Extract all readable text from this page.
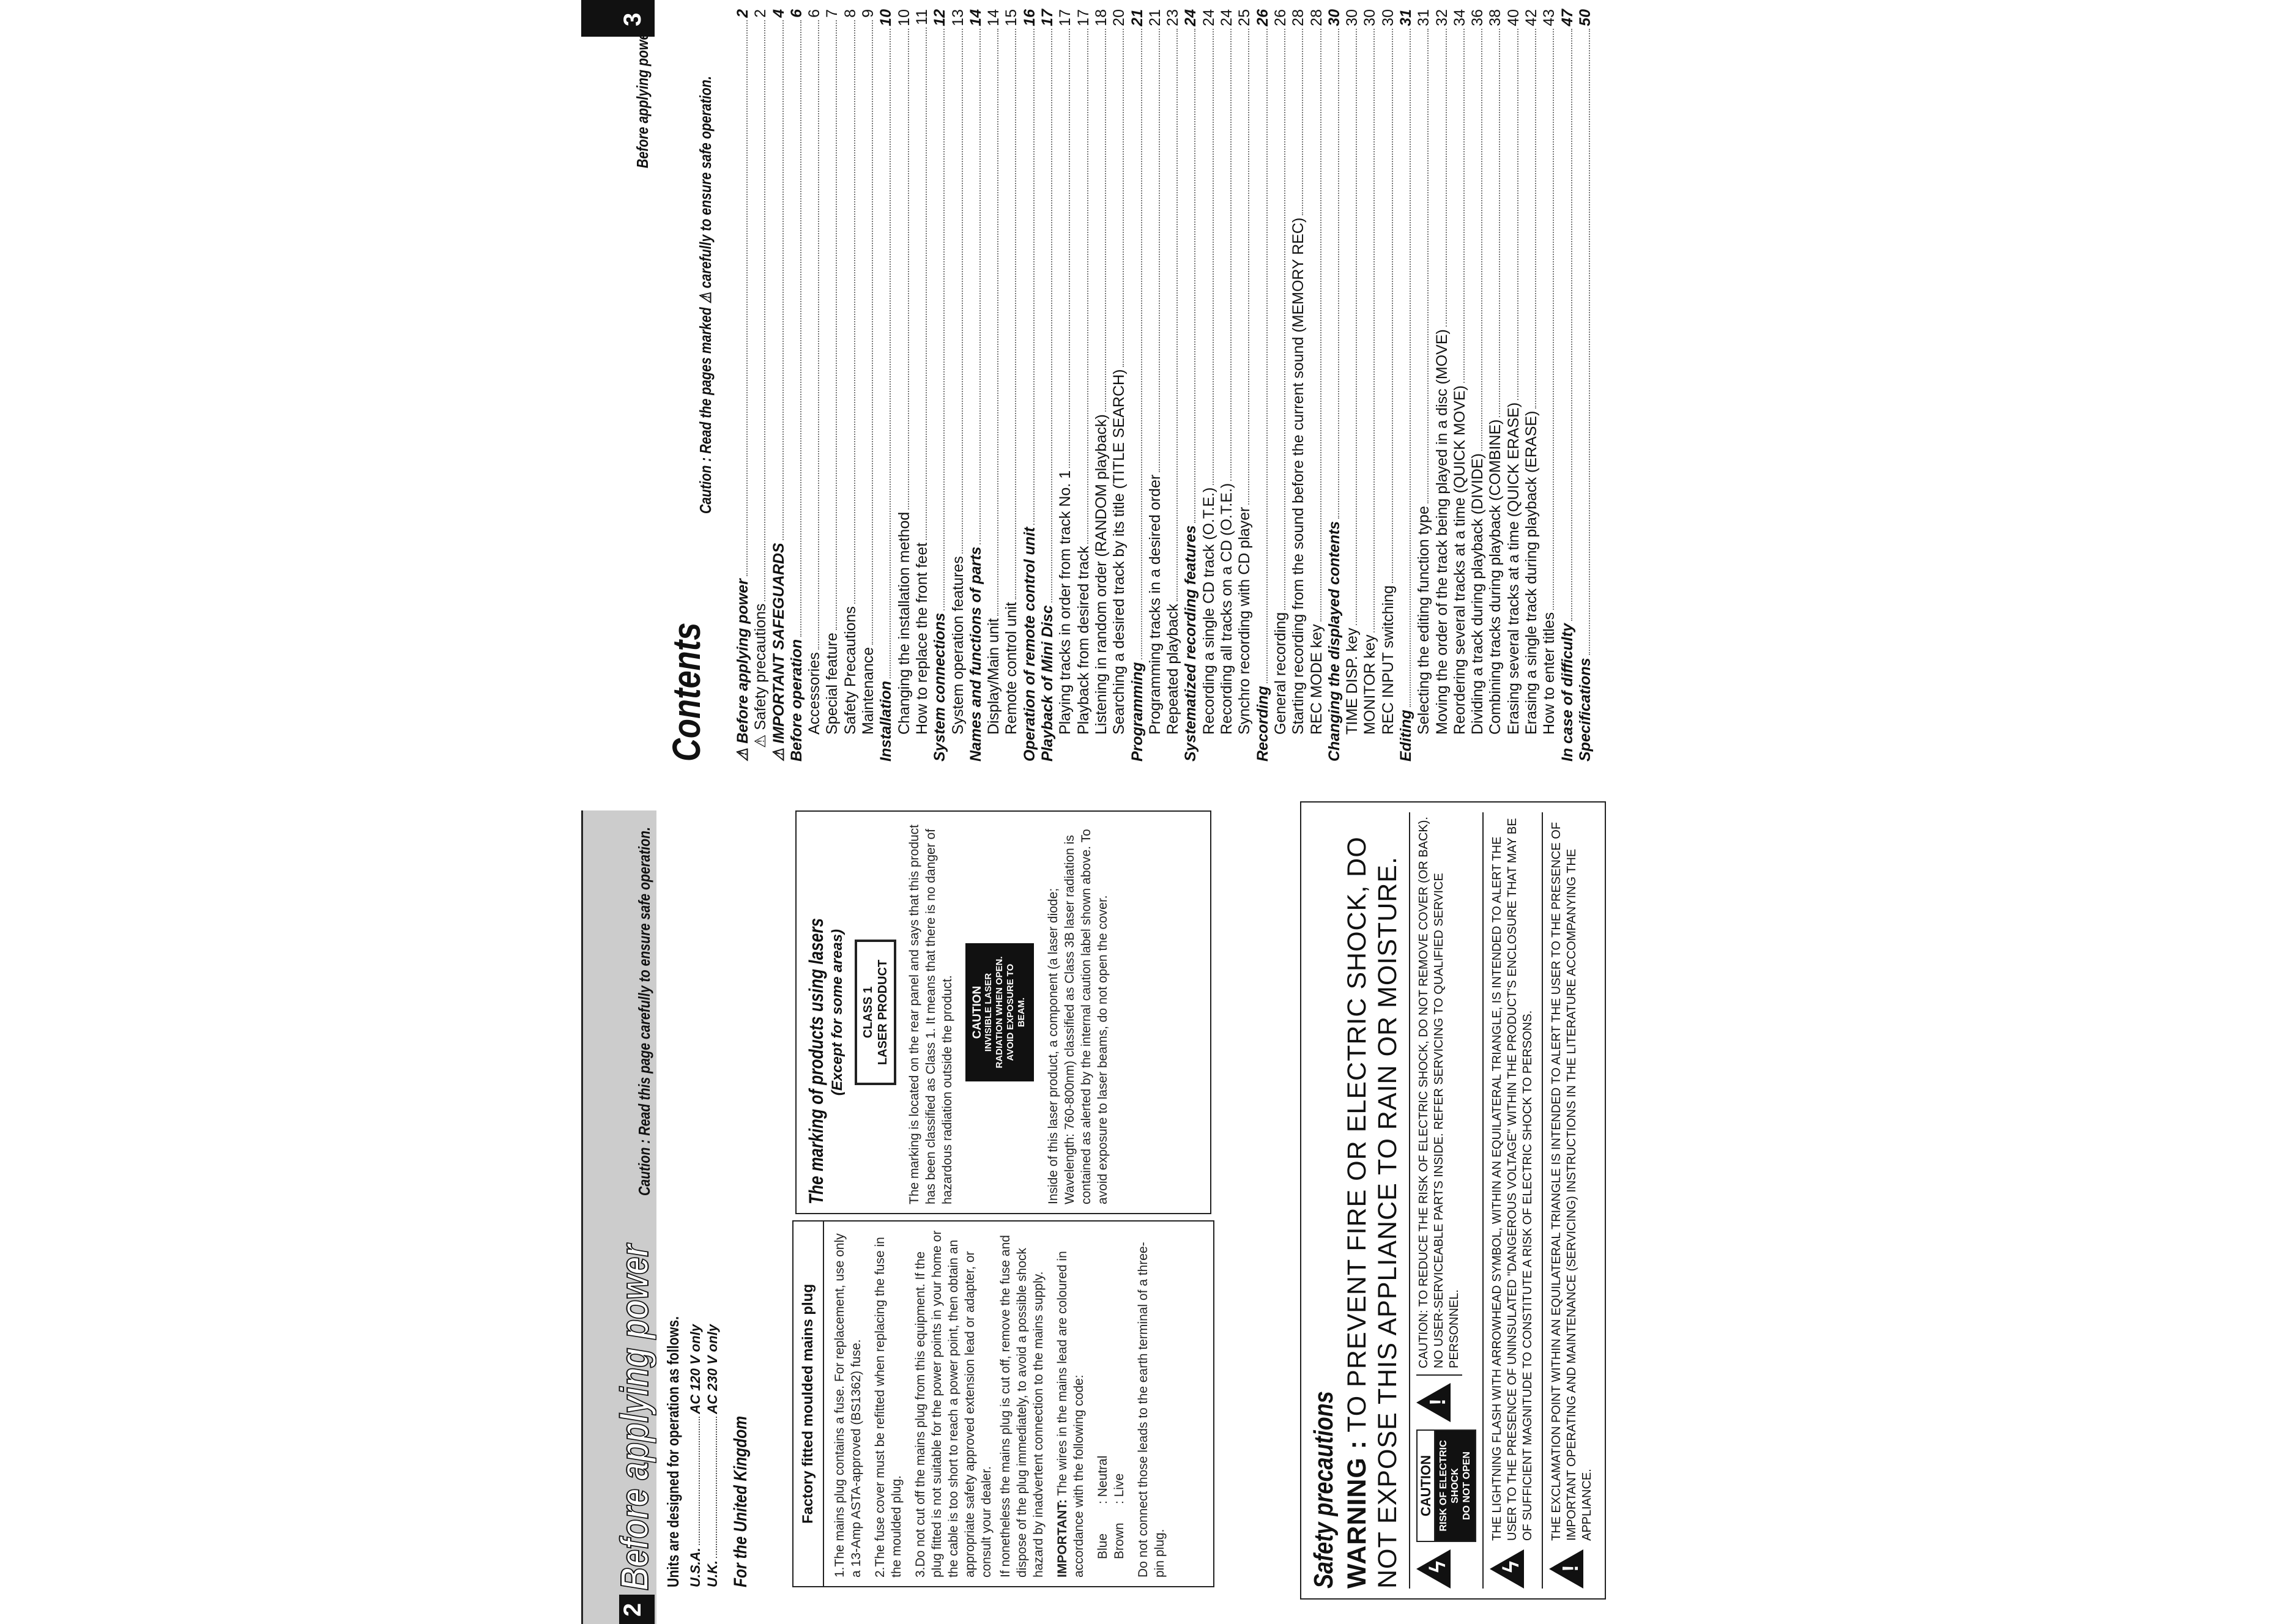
2
Before applying power
Caution : Read this page carefully to ensure safe operation.
Units are designed for operation as follows. U.S.A.
AC 120 V only
U.K.
AC 230 V only
For the United Kingdom	Factory fitted moulded mains plug	1.The mains plug contains a fuse. For replacement, use only a 13-Amp ASTA-approved (BS1362) fuse. 2.The fuse cover must be refitted when replacing the fuse in the moulded plug. 3.Do not cut off the mains plug from this equipment. If the plug fitted is not suitable for the power points in your home or the cable is too short to reach a power point, then obtain an appropriate safety approved extension lead or adapter, or consult your dealer. If nonetheless the mains plug is cut off, remove the fuse and dispose of the plug immediately, to avoid a possible shock hazard by inadvertent connection to the mains supply. IMPORTANT: The wires in the mains lead are coloured in accordance with the following code: Blue: Neutral
Brown: Live Do not connect those leads to the earth terminal of a three-pin plug.

The marking of products using lasers (Except for some areas) CLASS 1 LASER PRODUCT The marking is located on the rear panel and says that this product has been classified as Class 1. It means that there is no danger of hazardous radiation outside the product. CAUTION INVISIBLE LASER RADIATION WHEN OPEN. AVOID EXPOSURE TO BEAM. Inside of this laser product, a component (a laser diode; Wavelength: 760-800nm) classified as Class 3B laser radiation is contained as alerted by the internal caution label shown above. To avoid exposure to laser beams, do not open the cover.
Safety precautions WARNING : TO PREVENT FIRE OR ELECTRIC SHOCK, DO NOT EXPOSE THIS APPLIANCE TO RAIN OR MOISTURE. ϟ
CAUTION RISK OF ELECTRIC SHOCK DO NOT OPEN
!
CAUTION: TO REDUCE THE RISK OF ELECTRIC SHOCK, DO NOT REMOVE COVER (OR BACK). NO USER-SERVICEABLE PARTS INSIDE. REFER SERVICING TO QUALIFIED SERVICE PERSONNEL.
ϟ
THE LIGHTNING FLASH WITH ARROWHEAD SYMBOL, WITHIN AN EQUILATERAL TRIANGLE, IS INTENDED TO ALERT THE USER TO THE PRESENCE OF UNINSULATED "DANGEROUS VOLTAGE" WITHIN THE PRODUCT'S ENCLOSURE THAT MAY BE OF SUFFICIENT MAGNITUDE TO CONSTITUTE A RISK OF ELECTRIC SHOCK TO PERSONS.
!
THE EXCLAMATION POINT WITHIN AN EQUILATERAL TRIANGLE IS INTENDED TO ALERT THE USER TO THE PRESENCE OF IMPORTANT OPERATING AND MAINTENANCE (SERVICING) INSTRUCTIONS IN THE LITERATURE ACCOMPANYING THE APPLIANCE.
3
Before applying power
Contents
Caution : Read the pages marked ⚠ carefully to ensure safe operation.
⚠ Before applying power
2
⚠ Safety precautions
2
⚠ IMPORTANT SAFEGUARDS
4
Before operation
6
Accessories
6
Special feature
7
Safety Precautions
8
Maintenance
9
Installation
10
Changing the installation method
10
How to replace the front feet
11
System connections
12
System operation features
13
Names and functions of parts
14
Display/Main unit
14
Remote control unit
15
Operation of remote control unit
16
Playback of Mini Disc
17
Playing tracks in order from track No. 1
17
Playback from desired track
17
Listening in random order (RANDOM playback)
18
Searching a desired track by its title (TITLE SEARCH)
20
Programming
21
Programming tracks in a desired order
21
Repeated playback
23
Systematized recording features
24
Recording a single CD track (O.T.E.)
24
Recording all tracks on a CD (O.T.E.)
24
Synchro recording with CD player
25
Recording
26
General recording
26
Starting recording from the sound before the current sound (MEMORY REC)
28
REC MODE key
28
Changing the displayed contents
30
TIME DISP. key
30
MONITOR key
30
REC INPUT switching
30
Editing
31
Selecting the editing function type
31
Moving the order of the track being played in a disc (MOVE)
32
Reordering several tracks at a time (QUICK MOVE)
34
Dividing a track during playback (DIVIDE)
36
Combining tracks during playback (COMBINE)
38
Erasing several tracks at a time (QUICK ERASE)
40
Erasing a single track during playback (ERASE)
42
How to enter titles
43
In case of difficulty
47
Specifications
50
